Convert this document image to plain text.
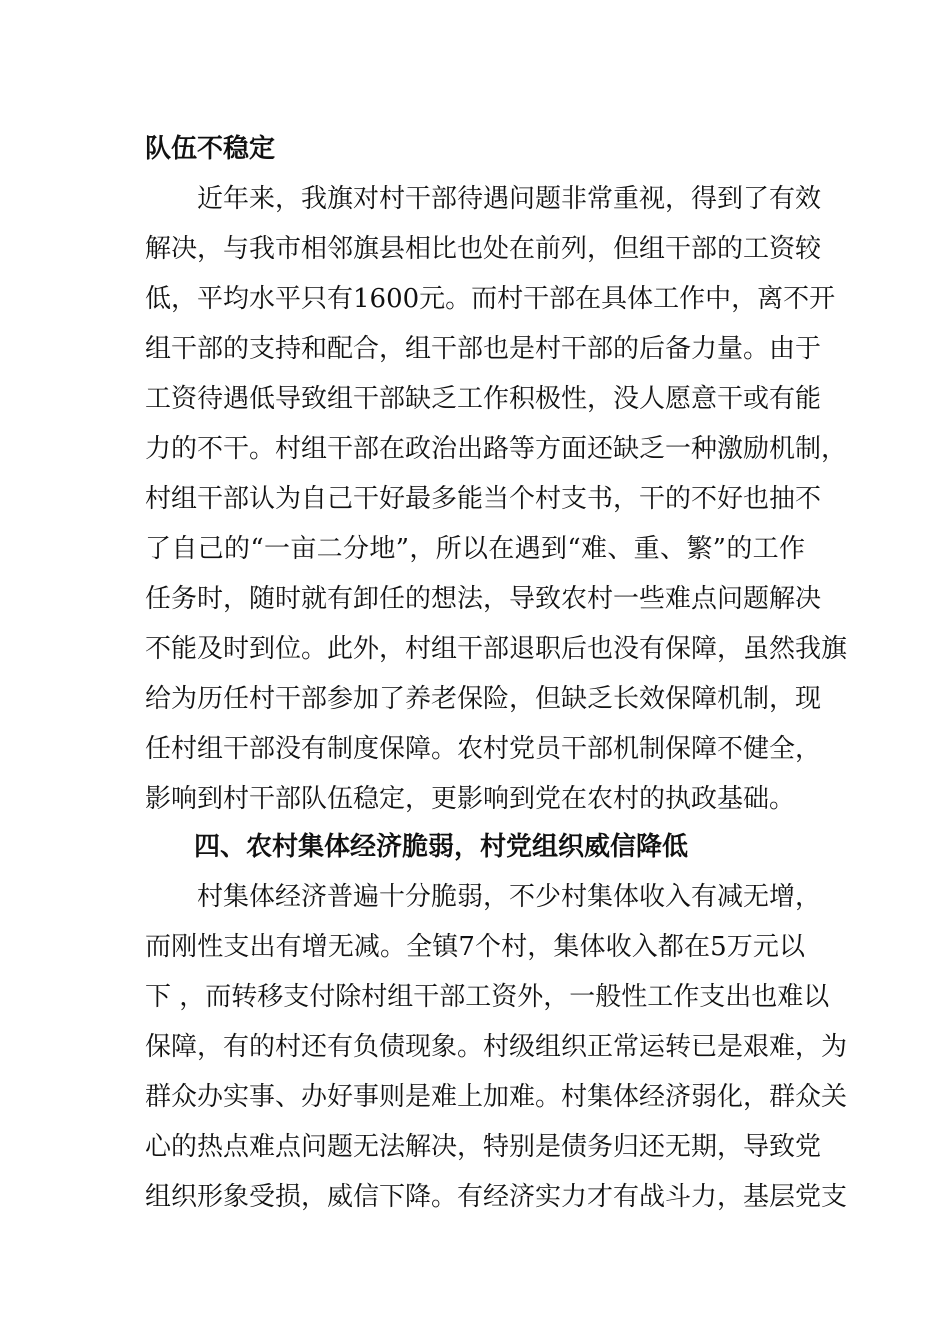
队伍不稳定
近年来，我旗对村干部待遇问题非常重视，得到了有效
解决，与我市相邻旗县相比也处在前列，但组干部的工资较
低，平均水平只有1600元。而村干部在具体工作中，离不开
组干部的支持和配合，组干部也是村干部的后备力量。由于
工资待遇低导致组干部缺乏工作积极性，没人愿意干或有能
力的不干。村组干部在政治出路等方面还缺乏一种激励机制，
村组干部认为自己干好最多能当个村支书，干的不好也抽不
了自己的“一亩二分地”，所以在遇到“难、重、繁”的工作
任务时，随时就有卸任的想法，导致农村一些难点问题解决
不能及时到位。此外，村组干部退职后也没有保障，虽然我旗
给为历任村干部参加了养老保险，但缺乏长效保障机制，现
任村组干部没有制度保障。农村党员干部机制保障不健全，
影响到村干部队伍稳定，更影响到党在农村的执政基础。
四、农村集体经济脆弱，村党组织威信降低
村集体经济普遍十分脆弱，不少村集体收入有减无增，
而刚性支出有增无减。全镇7个村，集体收入都在5万元以
下 ，而转移支付除村组干部工资外，一般性工作支出也难以
保障，有的村还有负债现象。村级组织正常运转已是艰难，为
群众办实事、办好事则是难上加难。村集体经济弱化，群众关
心的热点难点问题无法解决，特别是债务归还无期，导致党
组织形象受损，威信下降。有经济实力才有战斗力，基层党支
